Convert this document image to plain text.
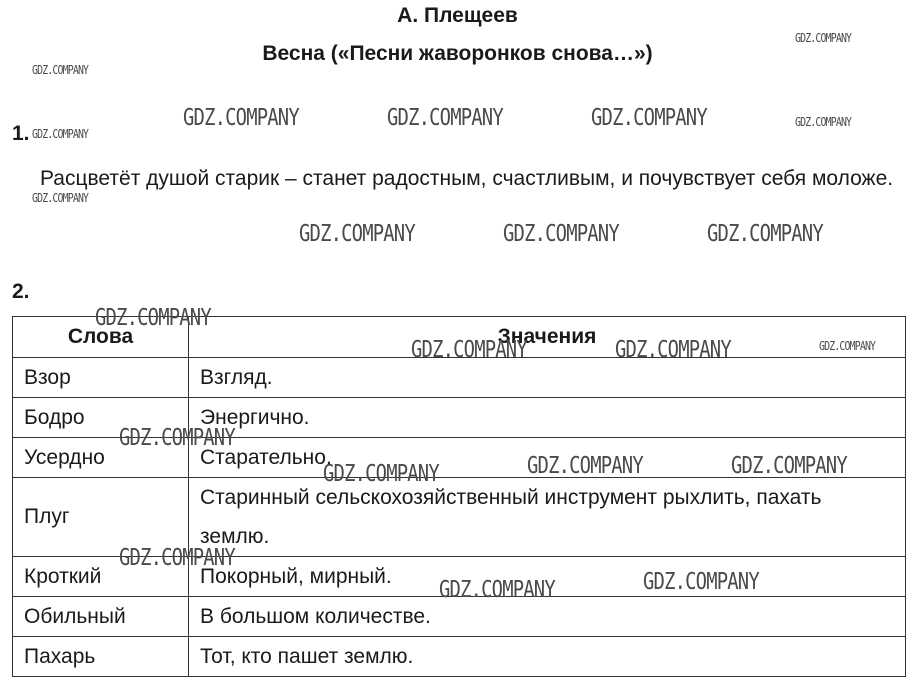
А. Плещеев
Весна («Песни жаворонков снова…»)
1.
Расцветёт душой старик – станет радостным, счастливым, и почувствует себя моложе.
2.
Слова	Значения
Взор	Взгляд.
Бодро	Энергично.
Усердно	Старательно.
Плуг	Старинный сельскохозяйственный инструмент рыхлить, пахать землю.
Кроткий	Покорный, мирный.
Обильный	В большом количестве.
Пахарь	Тот, кто пашет землю.
GDZ.COMPANY
GDZ.COMPANY
GDZ.COMPANY	GDZ.COMPANY	GDZ.COMPANY
GDZ.COMPANY
GDZ.COMPANY
GDZ.COMPANY
GDZ.COMPANY	GDZ.COMPANY	GDZ.COMPANY
GDZ.COMPANY
GDZ.COMPANY	GDZ.COMPANY	GDZ.COMPANY
GDZ.COMPANY
GDZ.COMPANY	GDZ.COMPANY	GDZ.COMPANY
GDZ.COMPANY
GDZ.COMPANY	GDZ.COMPANY
